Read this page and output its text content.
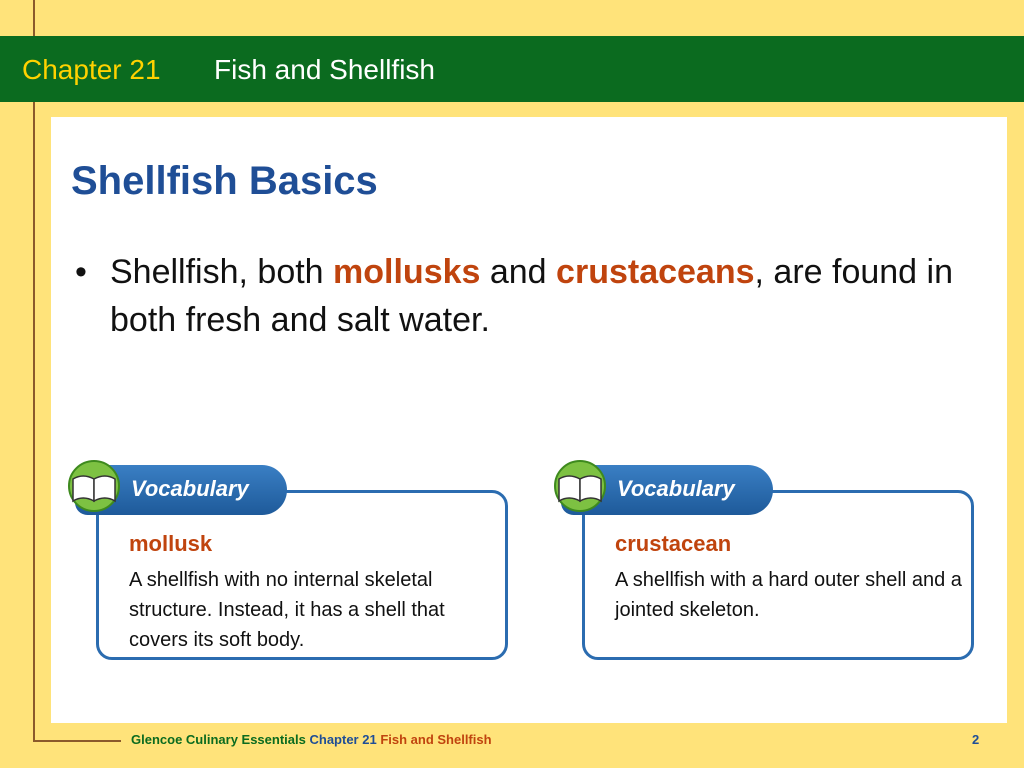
Chapter 21 Fish and Shellfish
Shellfish Basics
• Shellfish, both mollusks and crustaceans, are found in both fresh and salt water.
mollusk
A shellfish with no internal skeletal structure. Instead, it has a shell that covers its soft body.
Vocabulary
crustacean
A shellfish with a hard outer shell and a jointed skeleton.
Vocabulary
Glencoe Culinary Essentials Chapter 21 Fish and Shellfish	2
